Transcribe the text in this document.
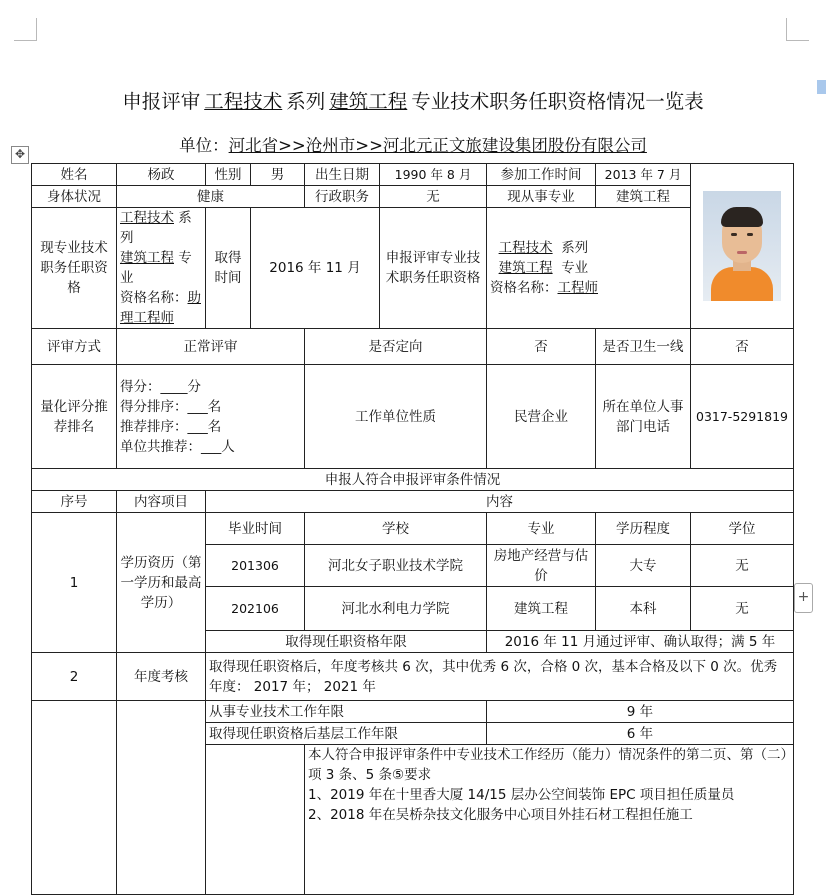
申报评审 工程技术 系列 建筑工程 专业技术职务任职资格情况一览表
单位：河北省>>沧州市>>河北元正文旅建设集团股份有限公司
✥
+
姓名	杨政	性别	男	出生日期	1990 年 8 月	参加工作时间	2013 年 7 月	

身体状况	健康			行政职务	无	现从事专业	建筑工程	
现专业技术职务任职资格	工程技术 系列
建筑工程 专业
资格名称：助理工程师	取得时间	2016 年 11 月		申报评审专业技术职务任职资格	工程技术 系列
建筑工程 专业
资格名称：工程师		
评审方式	正常评审			是否定向		否	是否卫生一线	否
量化评分推荐排名	得分：____分
得分排序：___名
推荐排序：___名
单位共推荐：___人			工作单位性质		民营企业	所在单位人事部门电话	0317-5291819
申报人符合申报评审条件情况								
序号	内容项目	内容						
1	学历资历（第一学历和最高学历）	毕业时间		学校		专业	学历程度	学位
		201306		河北女子职业技术学院		房地产经营与估价	大专	无
		202106		河北水利电力学院		建筑工程	本科	无
		取得现任职资格年限				2016 年 11 月通过评审、确认取得；满 5 年		
2	年度考核	取得现任职资格后，年度考核共 6 次，其中优秀 6 次，合格 0 次，基本合格及以下 0 次。优秀年度： 2017 年； 2021 年						
		从事专业技术工作年限				9 年		
		取得现任职资格后基层工作年限				6 年		

				本人符合申报评审条件中专业技术工作经历（能力）情况条件的第二页、第（二）项 3 条、5 条⑤要求
1、2019 年在十里香大厦 14/15 层办公空间装饰 EPC 项目担任质量员
2、2018 年在吴桥杂技文化服务中心项目外挂石材工程担任施工				
